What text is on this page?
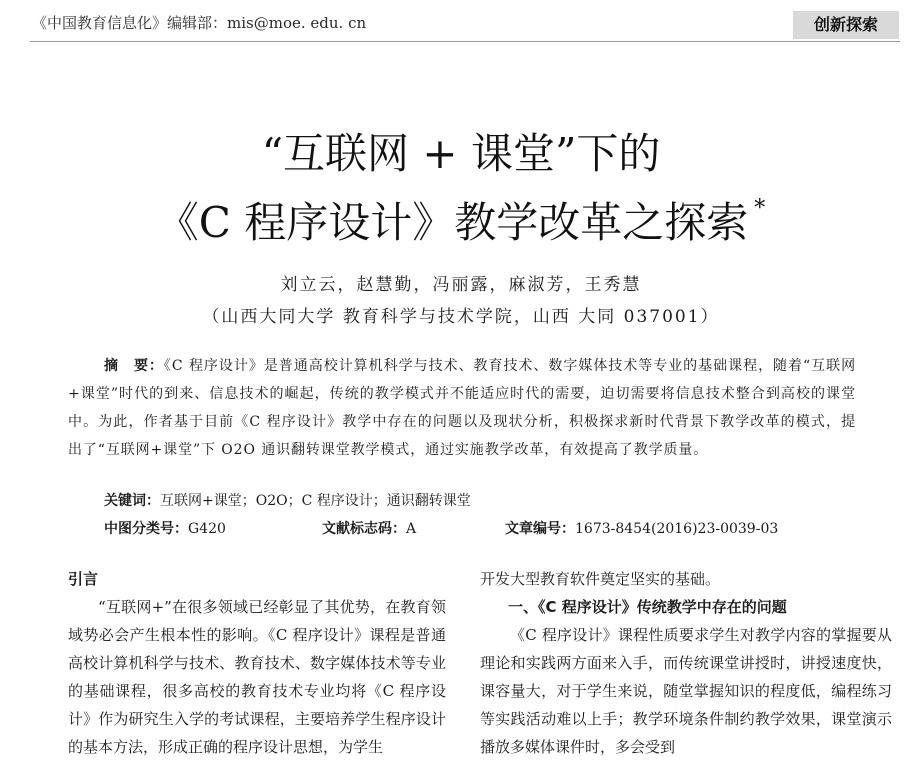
《中国教育信息化》编辑部：mis@moe. edu. cn	创新探索
“互联网 + 课堂”下的
《C 程序设计》教学改革之探索 *
刘立云，赵慧勤，冯丽露，麻淑芳，王秀慧
（山西大同大学 教育科学与技术学院，山西 大同 037001）
摘　要：《C 程序设计》是普通高校计算机科学与技术、教育技术、数字媒体技术等专业的基础课程，随着“互联网+课堂”时代的到来、信息技术的崛起，传统的教学模式并不能适应时代的需要，迫切需要将信息技术整合到高校的课堂中。为此，作者基于目前《C 程序设计》教学中存在的问题以及现状分析，积极探求新时代背景下教学改革的模式，提出了“互联网+课堂”下 O2O 通识翻转课堂教学模式，通过实施教学改革，有效提高了教学质量。
关键词：互联网+课堂；O2O；C 程序设计；通识翻转课堂
中图分类号：G420	文献标志码：A	文章编号：1673-8454(2016)23-0039-03
引言
“互联网+”在很多领域已经彰显了其优势，在教育领域势必会产生根本性的影响。《C 程序设计》课程是普通高校计算机科学与技术、教育技术、数字媒体技术等专业的基础课程，很多高校的教育技术专业均将《C 程序设计》作为研究生入学的考试课程，主要培养学生程序设计的基本方法，形成正确的程序设计思想，为学生
开发大型教育软件奠定坚实的基础。
一、《C 程序设计》传统教学中存在的问题
《C 程序设计》课程性质要求学生对教学内容的掌握要从理论和实践两方面来入手，而传统课堂讲授时，讲授速度快，课容量大，对于学生来说，随堂掌握知识的程度低，编程练习等实践活动难以上手；教学环境条件制约教学效果，课堂演示播放多媒体课件时，多会受到
